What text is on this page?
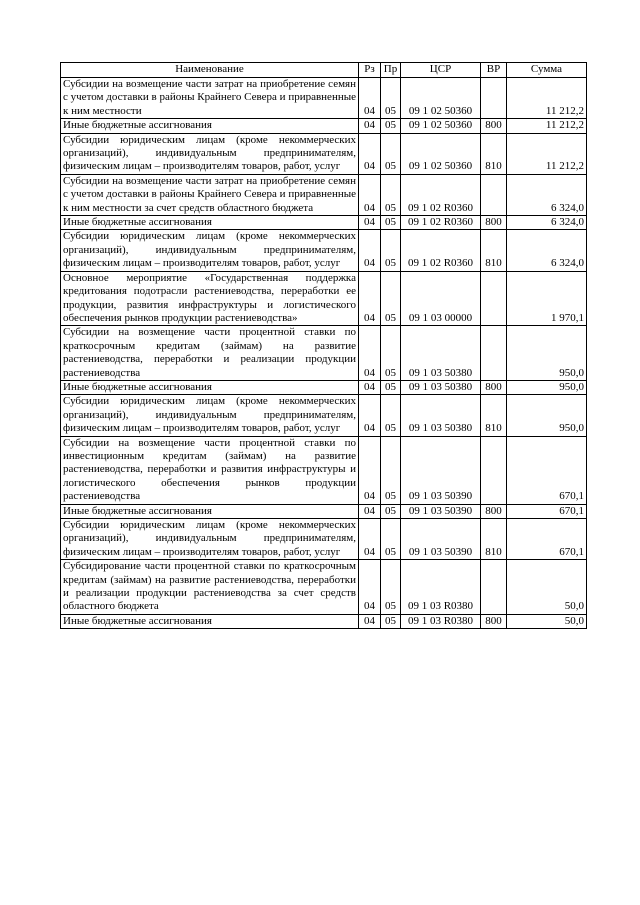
Наименование	Рз	Пр	ЦСР	ВР	Сумма
Субсидии на возмещение части затрат на приобретение семян с учетом доставки в районы Крайнего Севера и приравненные к ним местности	04	05	09 1 02 50360		11 212,2
Иные бюджетные ассигнования	04	05	09 1 02 50360	800	11 212,2
Субсидии юридическим лицам (кроме некоммерческих организаций), индивидуальным предпринимателям, физическим лицам – производителям товаров, работ, услуг	04	05	09 1 02 50360	810	11 212,2
Субсидии на возмещение части затрат на приобретение семян с учетом доставки в районы Крайнего Севера и приравненные к ним местности за счет средств областного бюджета	04	05	09 1 02 R0360		6 324,0
Иные бюджетные ассигнования	04	05	09 1 02 R0360	800	6 324,0
Субсидии юридическим лицам (кроме некоммерческих организаций), индивидуальным предпринимателям, физическим лицам – производителям товаров, работ, услуг	04	05	09 1 02 R0360	810	6 324,0
Основное мероприятие «Государственная поддержка кредитования подотрасли растениеводства, переработки ее продукции, развития инфраструктуры и логистического обеспечения рынков продукции растениеводства»	04	05	09 1 03 00000		1 970,1
Субсидии на возмещение части процентной ставки по краткосрочным кредитам (займам) на развитие растениеводства, переработки и реализации продукции растениеводства	04	05	09 1 03 50380		950,0
Иные бюджетные ассигнования	04	05	09 1 03 50380	800	950,0
Субсидии юридическим лицам (кроме некоммерческих организаций), индивидуальным предпринимателям, физическим лицам – производителям товаров, работ, услуг	04	05	09 1 03 50380	810	950,0
Субсидии на возмещение части процентной ставки по инвестиционным кредитам (займам) на развитие растениеводства, переработки и развития инфраструктуры и логистического обеспечения рынков продукции растениеводства	04	05	09 1 03 50390		670,1
Иные бюджетные ассигнования	04	05	09 1 03 50390	800	670,1
Субсидии юридическим лицам (кроме некоммерческих организаций), индивидуальным предпринимателям, физическим лицам – производителям товаров, работ, услуг	04	05	09 1 03 50390	810	670,1
Субсидирование части процентной ставки по краткосрочным кредитам (займам) на развитие растениеводства, переработки и реализации продукции растениеводства за счет средств областного бюджета	04	05	09 1 03 R0380		50,0
Иные бюджетные ассигнования	04	05	09 1 03 R0380	800	50,0
